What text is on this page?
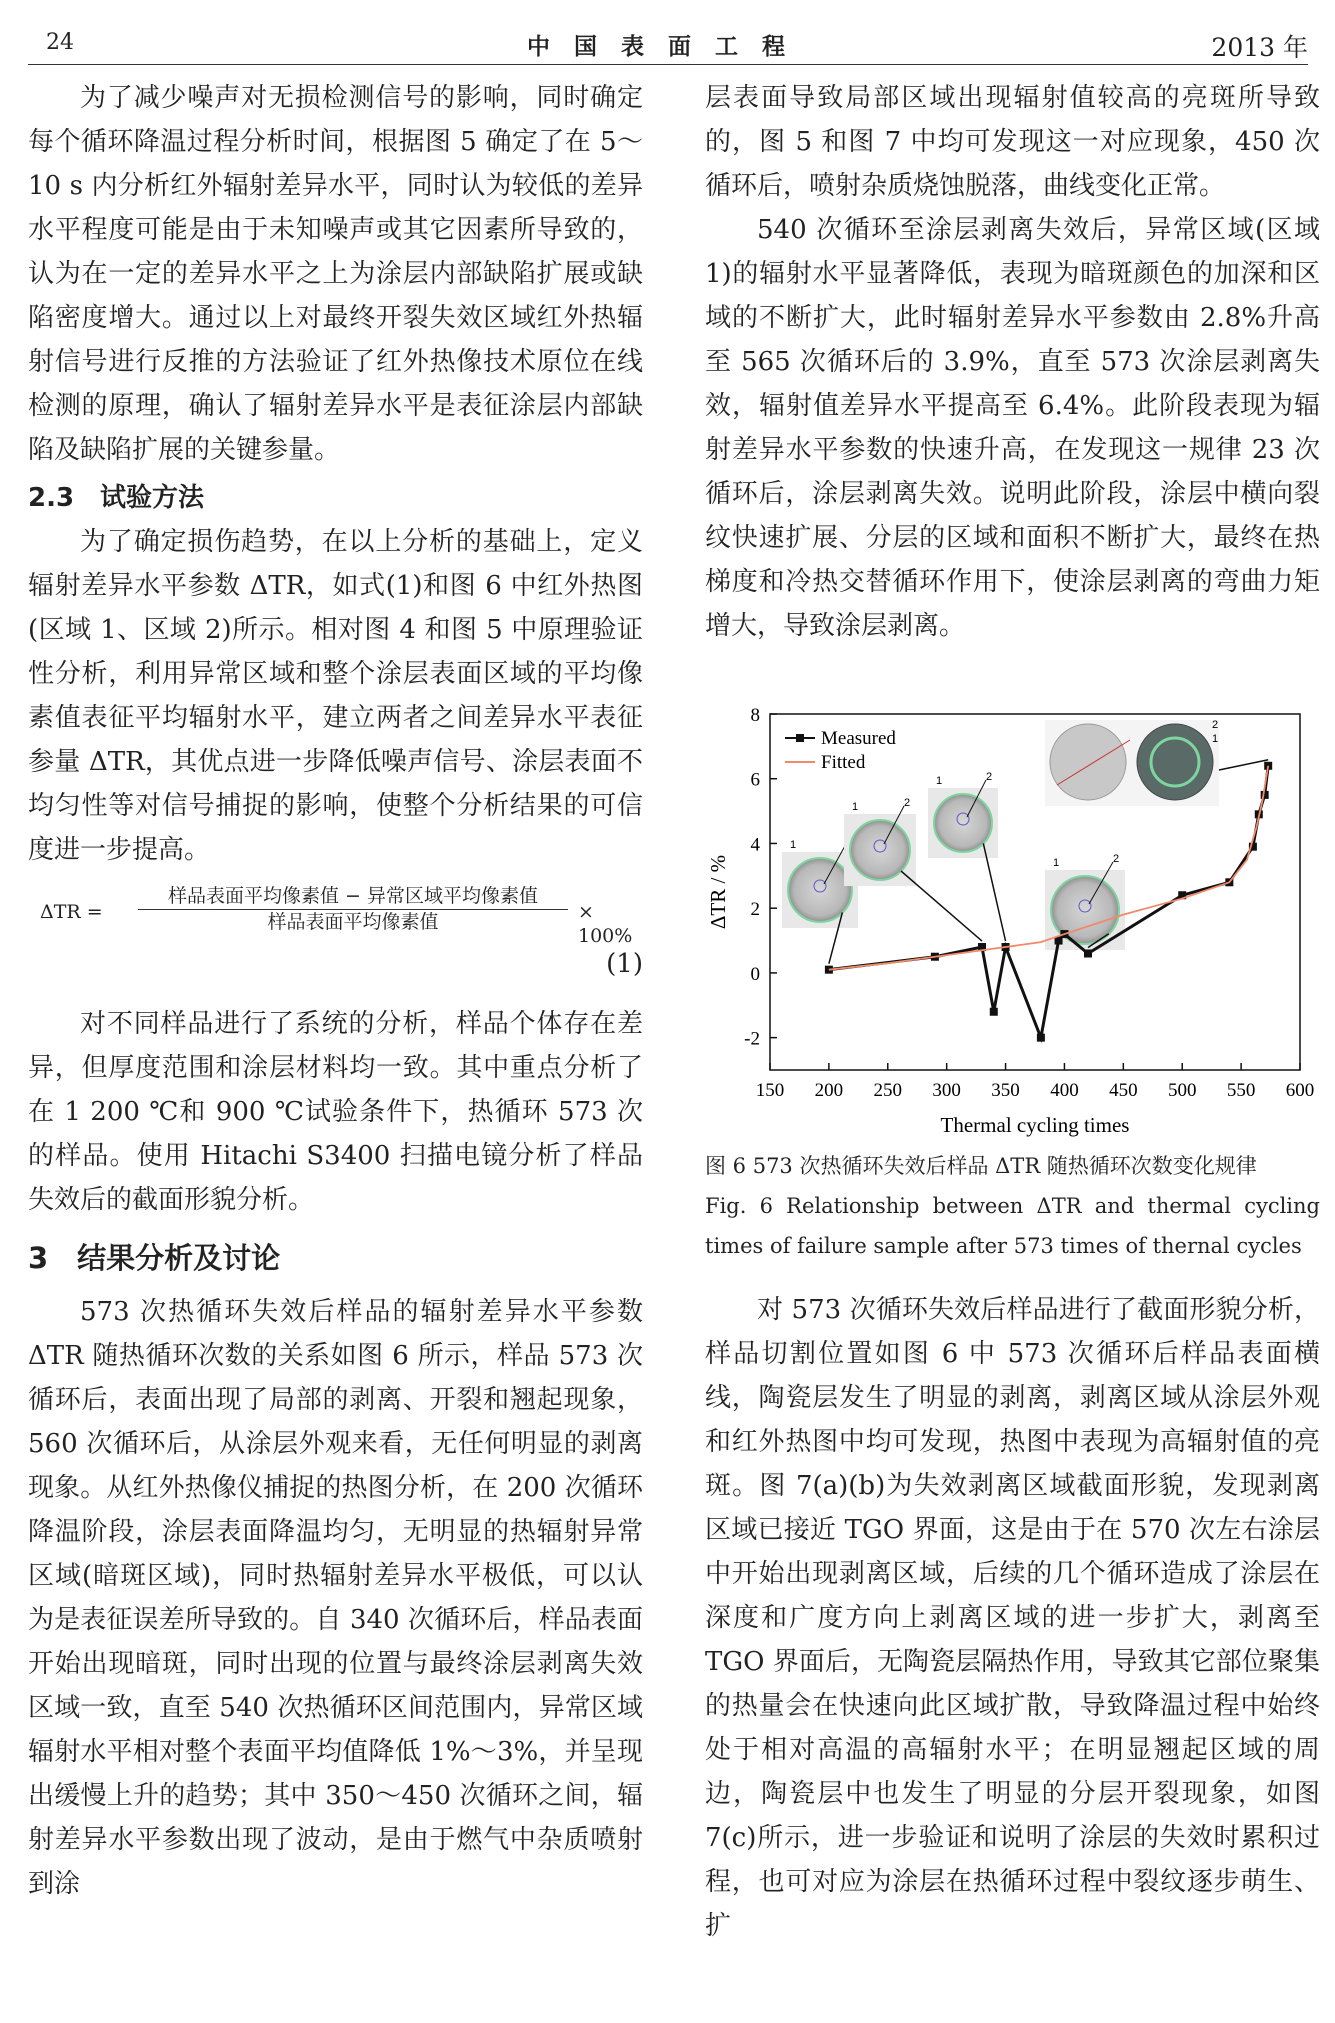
24	中国表面工程	2013 年

为了减少噪声对无损检测信号的影响，同时确定每个循环降温过程分析时间，根据图 5 确定了在 5～10 s 内分析红外辐射差异水平，同时认为较低的差异水平程度可能是由于未知噪声或其它因素所导致的，认为在一定的差异水平之上为涂层内部缺陷扩展或缺陷密度增大。通过以上对最终开裂失效区域红外热辐射信号进行反推的方法验证了红外热像技术原位在线检测的原理，确认了辐射差异水平是表征涂层内部缺陷及缺陷扩展的关键参量。

2.3　试验方法

为了确定损伤趋势，在以上分析的基础上，定义辐射差异水平参数 ΔTR，如式(1)和图 6 中红外热图(区域 1、区域 2)所示。相对图 4 和图 5 中原理验证性分析，利用异常区域和整个涂层表面区域的平均像素值表征平均辐射水平，建立两者之间差异水平表征参量 ΔTR，其优点进一步降低噪声信号、涂层表面不均匀性等对信号捕捉的影响，使整个分析结果的可信度进一步提高。

ΔTR =
样品表面平均像素值 − 异常区域平均像素值
样品表面平均像素值	× 100%
(1)

对不同样品进行了系统的分析，样品个体存在差异，但厚度范围和涂层材料均一致。其中重点分析了在 1 200 ℃和 900 ℃试验条件下，热循环 573 次的样品。使用 Hitachi S3400 扫描电镜分析了样品失效后的截面形貌分析。

3　结果分析及讨论

573 次热循环失效后样品的辐射差异水平参数 ΔTR 随热循环次数的关系如图 6 所示，样品 573 次循环后，表面出现了局部的剥离、开裂和翘起现象，560 次循环后，从涂层外观来看，无任何明显的剥离现象。从红外热像仪捕捉的热图分析，在 200 次循环降温阶段，涂层表面降温均匀，无明显的热辐射异常区域(暗斑区域)，同时热辐射差异水平极低，可以认为是表征误差所导致的。自 340 次循环后，样品表面开始出现暗斑，同时出现的位置与最终涂层剥离失效区域一致，直至 540 次热循环区间范围内，异常区域辐射水平相对整个表面平均值降低 1%～3%，并呈现出缓慢上升的趋势；其中 350～450 次循环之间，辐射差异水平参数出现了波动，是由于燃气中杂质喷射到涂

层表面导致局部区域出现辐射值较高的亮斑所导致的，图 5 和图 7 中均可发现这一对应现象，450 次循环后，喷射杂质烧蚀脱落，曲线变化正常。

540 次循环至涂层剥离失效后，异常区域(区域 1)的辐射水平显著降低，表现为暗斑颜色的加深和区域的不断扩大，此时辐射差异水平参数由 2.8%升高至 565 次循环后的 3.9%，直至 573 次涂层剥离失效，辐射值差异水平提高至 6.4%。此阶段表现为辐射差异水平参数的快速升高，在发现这一规律 23 次循环后，涂层剥离失效。说明此阶段，涂层中横向裂纹快速扩展、分层的区域和面积不断扩大，最终在热梯度和冷热交替循环作用下，使涂层剥离的弯曲力矩增大，导致涂层剥离。

150 200 250 300 350 400 450 500 550 600
-2
0
2
4
6
8
1
1	2
1	2
1	2
2
1
Measured
Fitted
Thermal cycling times
ΔTR / %

图 6 573 次热循环失效后样品 ΔTR 随热循环次数变化规律

Fig. 6 Relationship between ΔTR and thermal cycling times of failure sample after 573 times of thernal cycles

对 573 次循环失效后样品进行了截面形貌分析，样品切割位置如图 6 中 573 次循环后样品表面横线，陶瓷层发生了明显的剥离，剥离区域从涂层外观和红外热图中均可发现，热图中表现为高辐射值的亮斑。图 7(a)(b)为失效剥离区域截面形貌，发现剥离区域已接近 TGO 界面，这是由于在 570 次左右涂层中开始出现剥离区域，后续的几个循环造成了涂层在深度和广度方向上剥离区域的进一步扩大，剥离至 TGO 界面后，无陶瓷层隔热作用，导致其它部位聚集的热量会在快速向此区域扩散，导致降温过程中始终处于相对高温的高辐射水平；在明显翘起区域的周边，陶瓷层中也发生了明显的分层开裂现象，如图 7(c)所示，进一步验证和说明了涂层的失效时累积过程，也可对应为涂层在热循环过程中裂纹逐步萌生、扩
